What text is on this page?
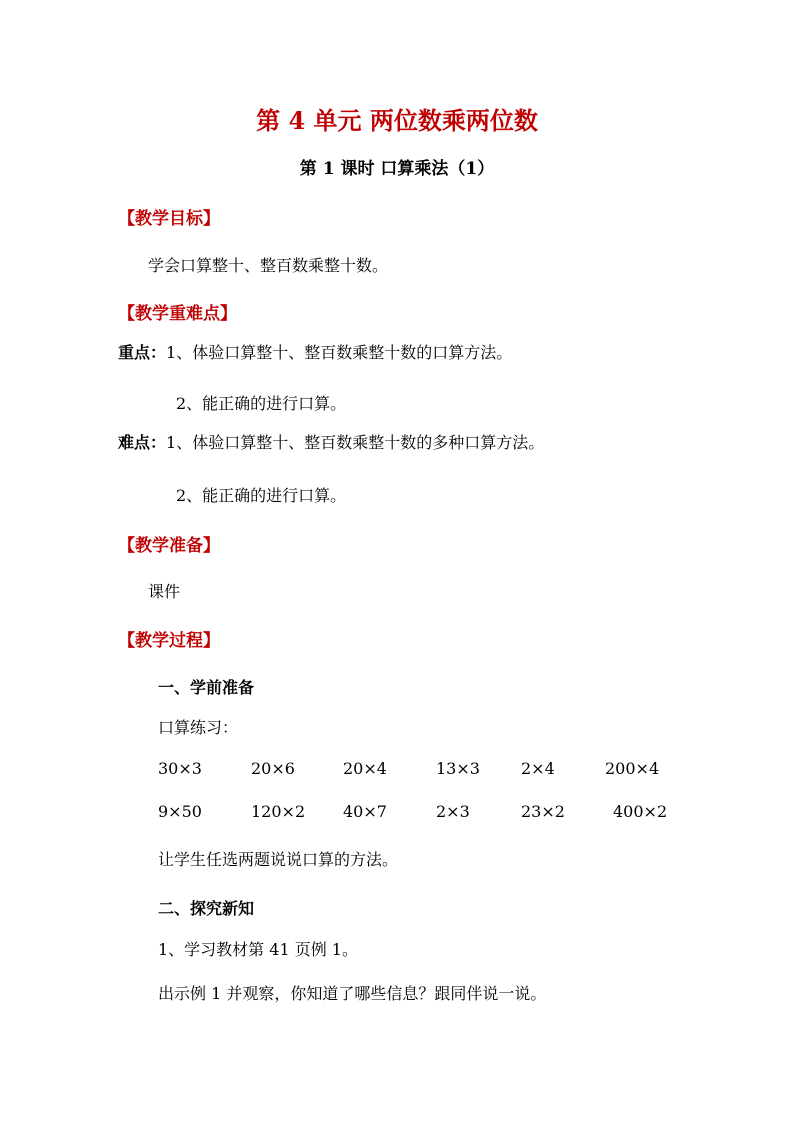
第 4 单元 两位数乘两位数
第 1 课时 口算乘法（1）
【教学目标】
学会口算整十、整百数乘整十数。
【教学重难点】
重点：1、体验口算整十、整百数乘整十数的口算方法。
2、能正确的进行口算。
难点：1、体验口算整十、整百数乘整十数的多种口算方法。
2、能正确的进行口算。
【教学准备】
课件
【教学过程】
一、学前准备
口算练习：
30×3	20×6	20×4	13×3	2×4	200×4
9×50	120×2 40×7	2×3	23×2	400×2
让学生任选两题说说口算的方法。
二、探究新知
1、学习教材第 41 页例 1。
出示例 1 并观察，你知道了哪些信息？跟同伴说一说。
